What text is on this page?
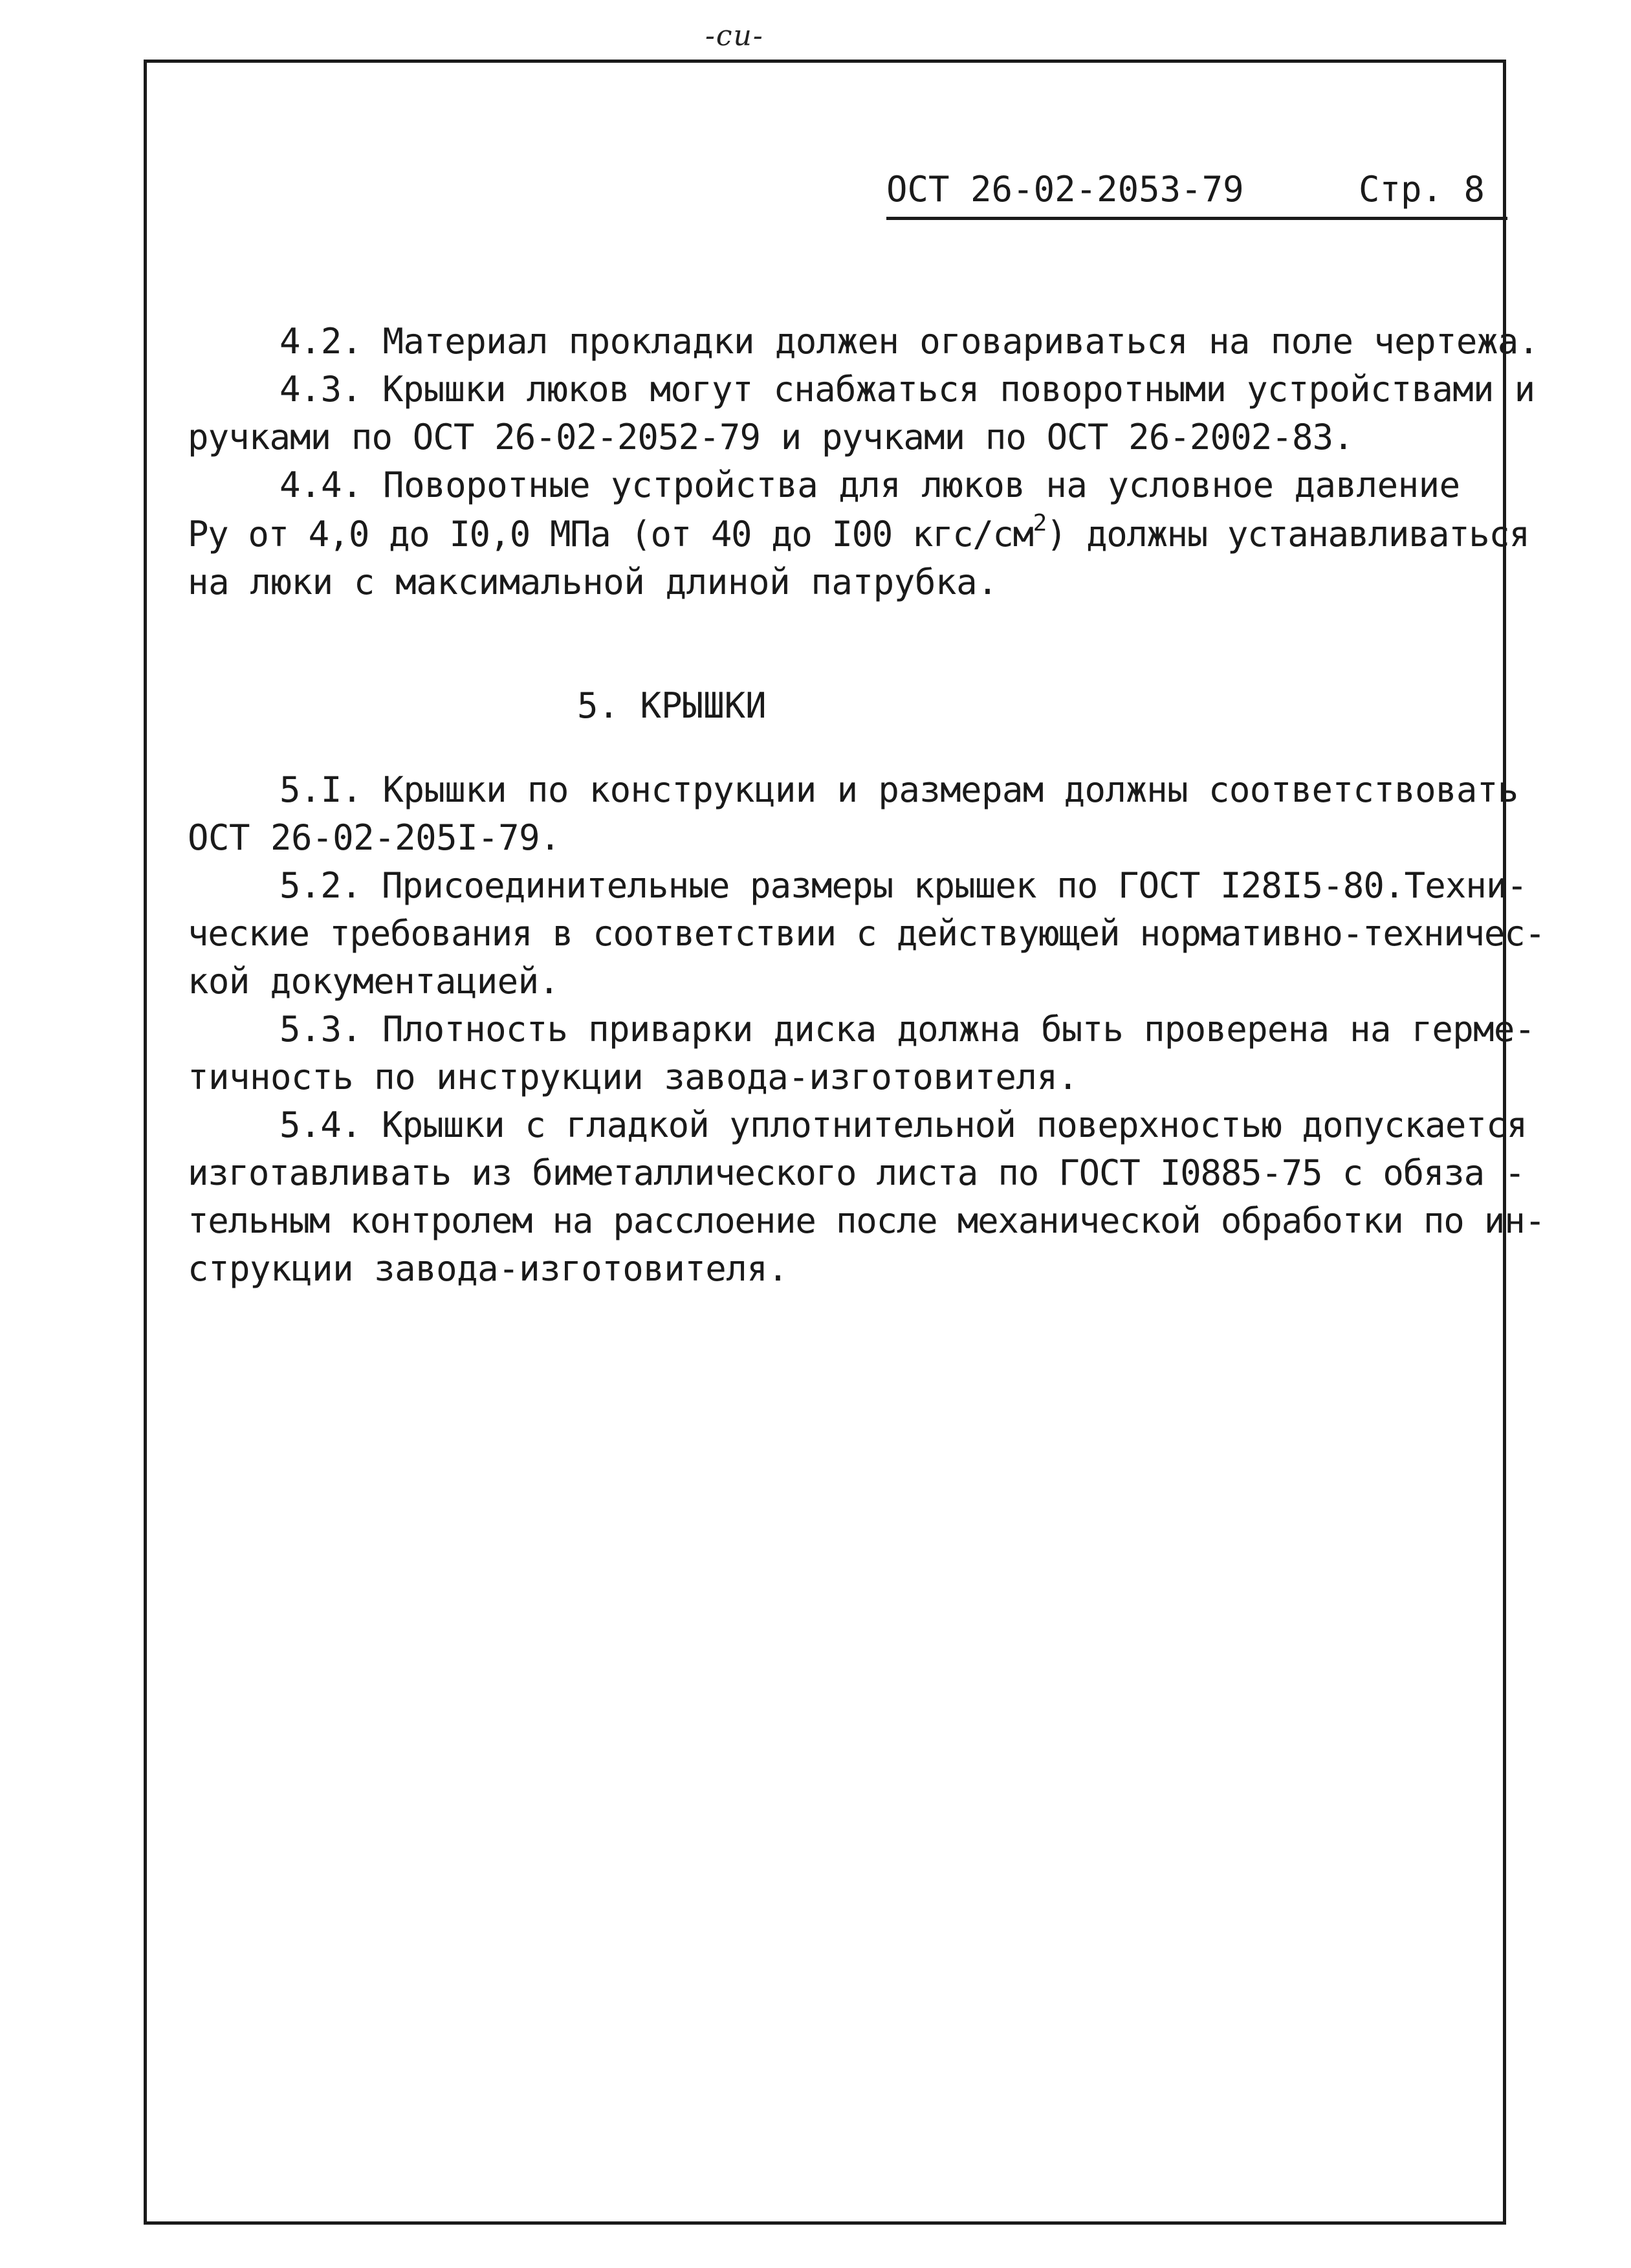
-си-
ОСТ 26-02-2053-79	Стр. 8
4.2. Материал прокладки должен оговариваться на поле чертежа.
4.3. Крышки люков могут снабжаться поворотными устройствами и
ручками по ОСТ 26-02-2052-79 и ручками по ОСТ 26-2002-83.
4.4. Поворотные устройства для люков на условное давление
Ру от 4,0 до I0,0 МПа (от 40 до I00 кгс/$см^2$) должны устанавливаться
на люки с максимальной длиной патрубка.
5. КРЫШКИ
5.I. Крышки по конструкции и размерам должны соответствовать
ОСТ 26-02-205I-79.
5.2. Присоединительные размеры крышек по ГОСТ I28I5-80.Техни-
ческие требования в соответствии с действующей нормативно-техничес-
кой документацией.
5.3. Плотность приварки диска должна быть проверена на герме-
тичность по инструкции завода-изготовителя.
5.4. Крышки с гладкой уплотнительной поверхностью допускается
изготавливать из биметаллического листа по ГОСТ I0885-75 с обяза -
тельным контролем на расслоение после механической обработки по ин-
струкции завода-изготовителя.
